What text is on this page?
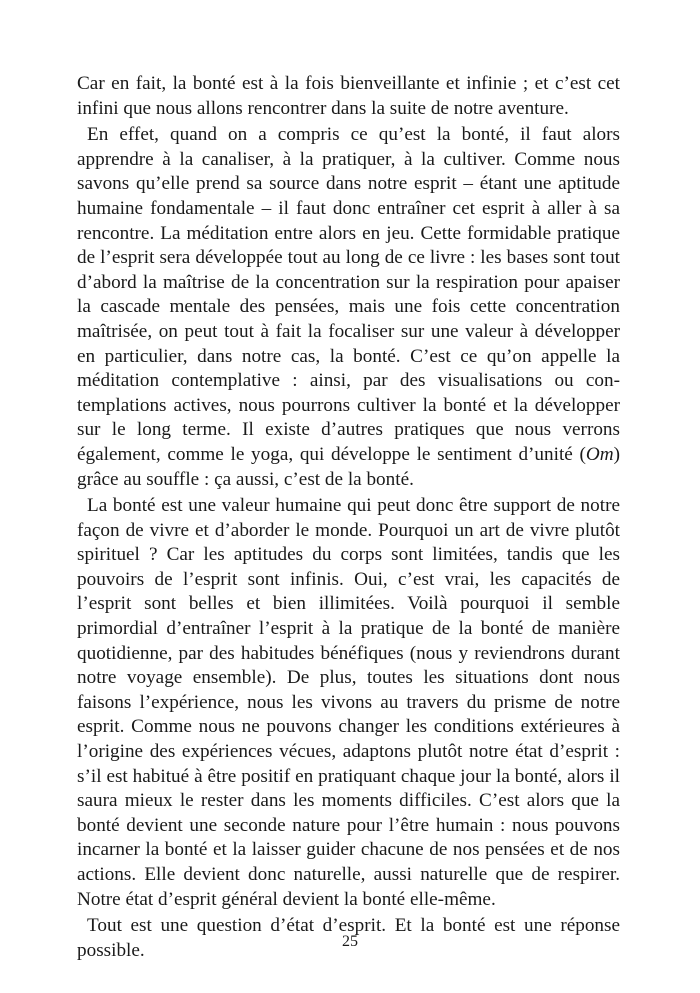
Car en fait, la bonté est à la fois bienveillante et infinie ; et c’est cet infini que nous allons rencontrer dans la suite de notre aventure.

En effet, quand on a compris ce qu’est la bonté, il faut alors apprendre à la canaliser, à la pratiquer, à la cultiver. Comme nous savons qu’elle prend sa source dans notre esprit – étant une aptitude humaine fondamentale – il faut donc entraîner cet esprit à aller à sa rencontre. La méditation entre alors en jeu. Cette formidable pratique de l’esprit sera développée tout au long de ce livre : les bases sont tout d’abord la maîtrise de la concentration sur la respiration pour apaiser la cascade mentale des pensées, mais une fois cette concentration maîtrisée, on peut tout à fait la focaliser sur une valeur à développer en particulier, dans notre cas, la bonté. C’est ce qu’on appelle la méditation contemplative : ainsi, par des visualisations ou contemplations actives, nous pourrons cultiver la bonté et la développer sur le long terme. Il existe d’autres pratiques que nous verrons également, comme le yoga, qui développe le sentiment d’unité (Om) grâce au souffle : ça aussi, c’est de la bonté.

La bonté est une valeur humaine qui peut donc être support de notre façon de vivre et d’aborder le monde. Pourquoi un art de vivre plutôt spirituel ? Car les aptitudes du corps sont limitées, tandis que les pouvoirs de l’esprit sont infinis. Oui, c’est vrai, les capacités de l’esprit sont belles et bien illimitées. Voilà pourquoi il semble primordial d’entraîner l’esprit à la pratique de la bonté de manière quotidienne, par des habitudes bénéfiques (nous y reviendrons durant notre voyage ensemble). De plus, toutes les situations dont nous faisons l’expérience, nous les vivons au travers du prisme de notre esprit. Comme nous ne pouvons changer les conditions extérieures à l’origine des expériences vécues, adaptons plutôt notre état d’esprit : s’il est habitué à être positif en pratiquant chaque jour la bonté, alors il saura mieux le rester dans les moments difficiles. C’est alors que la bonté devient une seconde nature pour l’être humain : nous pouvons incarner la bonté et la laisser guider chacune de nos pensées et de nos actions. Elle devient donc naturelle, aussi naturelle que de respirer. Notre état d’esprit général devient la bonté elle-même.

Tout est une question d’état d’esprit. Et la bonté est une réponse possible.	25
